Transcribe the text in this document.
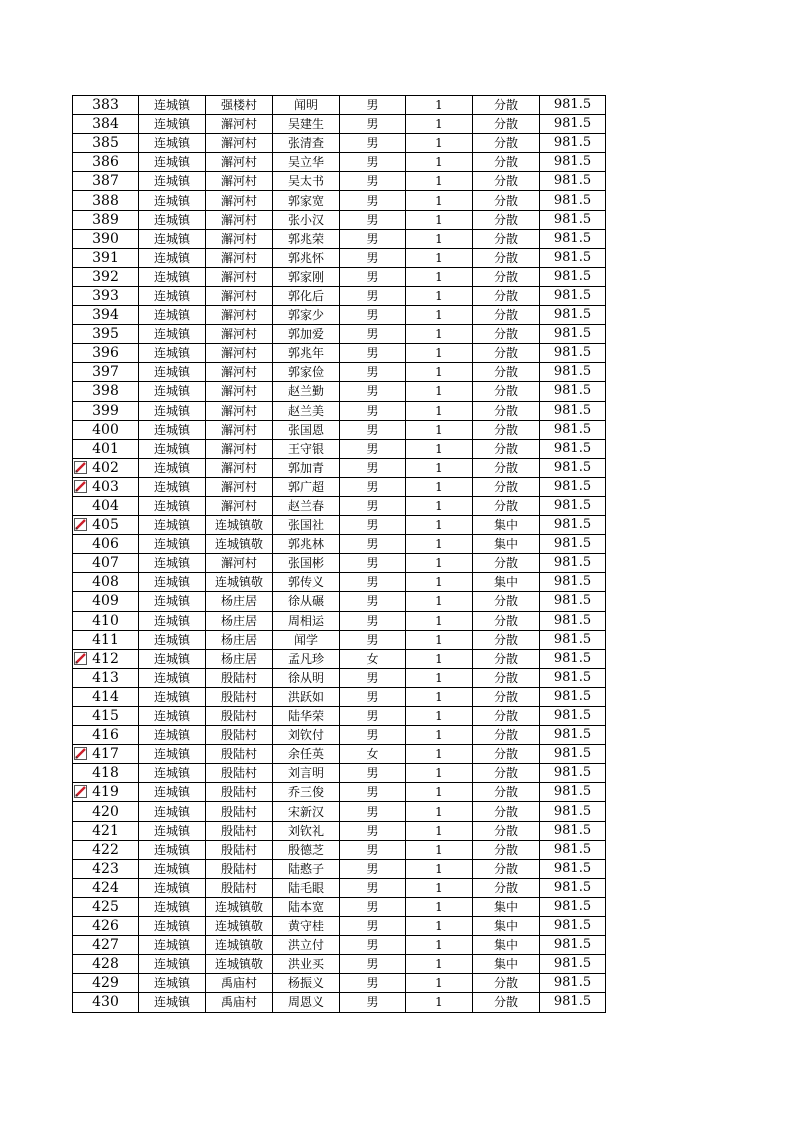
383	连城镇	强楼村	闻明	男	1	分散	981.5
384	连城镇	澥河村	吴建生	男	1	分散	981.5
385	连城镇	澥河村	张清查	男	1	分散	981.5
386	连城镇	澥河村	吴立华	男	1	分散	981.5
387	连城镇	澥河村	吴太书	男	1	分散	981.5
388	连城镇	澥河村	郭家宽	男	1	分散	981.5
389	连城镇	澥河村	张小汉	男	1	分散	981.5
390	连城镇	澥河村	郭兆荣	男	1	分散	981.5
391	连城镇	澥河村	郭兆怀	男	1	分散	981.5
392	连城镇	澥河村	郭家刚	男	1	分散	981.5
393	连城镇	澥河村	郭化后	男	1	分散	981.5
394	连城镇	澥河村	郭家少	男	1	分散	981.5
395	连城镇	澥河村	郭加爱	男	1	分散	981.5
396	连城镇	澥河村	郭兆年	男	1	分散	981.5
397	连城镇	澥河村	郭家俭	男	1	分散	981.5
398	连城镇	澥河村	赵兰勤	男	1	分散	981.5
399	连城镇	澥河村	赵兰美	男	1	分散	981.5
400	连城镇	澥河村	张国恩	男	1	分散	981.5
401	连城镇	澥河村	王守银	男	1	分散	981.5
402	连城镇	澥河村	郭加青	男	1	分散	981.5
403	连城镇	澥河村	郭广超	男	1	分散	981.5
404	连城镇	澥河村	赵兰春	男	1	分散	981.5
405	连城镇	连城镇敬	张国社	男	1	集中	981.5
406	连城镇	连城镇敬	郭兆林	男	1	集中	981.5
407	连城镇	澥河村	张国彬	男	1	分散	981.5
408	连城镇	连城镇敬	郭传义	男	1	集中	981.5
409	连城镇	杨庄居	徐从碾	男	1	分散	981.5
410	连城镇	杨庄居	周相运	男	1	分散	981.5
411	连城镇	杨庄居	闻学	男	1	分散	981.5
412	连城镇	杨庄居	孟凡珍	女	1	分散	981.5
413	连城镇	殷陆村	徐从明	男	1	分散	981.5
414	连城镇	殷陆村	洪跃如	男	1	分散	981.5
415	连城镇	殷陆村	陆华荣	男	1	分散	981.5
416	连城镇	殷陆村	刘钦付	男	1	分散	981.5
417	连城镇	殷陆村	余任英	女	1	分散	981.5
418	连城镇	殷陆村	刘言明	男	1	分散	981.5
419	连城镇	殷陆村	乔三俊	男	1	分散	981.5
420	连城镇	殷陆村	宋新汉	男	1	分散	981.5
421	连城镇	殷陆村	刘钦礼	男	1	分散	981.5
422	连城镇	殷陆村	殷德芝	男	1	分散	981.5
423	连城镇	殷陆村	陆憨子	男	1	分散	981.5
424	连城镇	殷陆村	陆毛眼	男	1	分散	981.5
425	连城镇	连城镇敬	陆本宽	男	1	集中	981.5
426	连城镇	连城镇敬	黄守桂	男	1	集中	981.5
427	连城镇	连城镇敬	洪立付	男	1	集中	981.5
428	连城镇	连城镇敬	洪业买	男	1	集中	981.5
429	连城镇	禹庙村	杨振义	男	1	分散	981.5
430	连城镇	禹庙村	周恩义	男	1	分散	981.5
